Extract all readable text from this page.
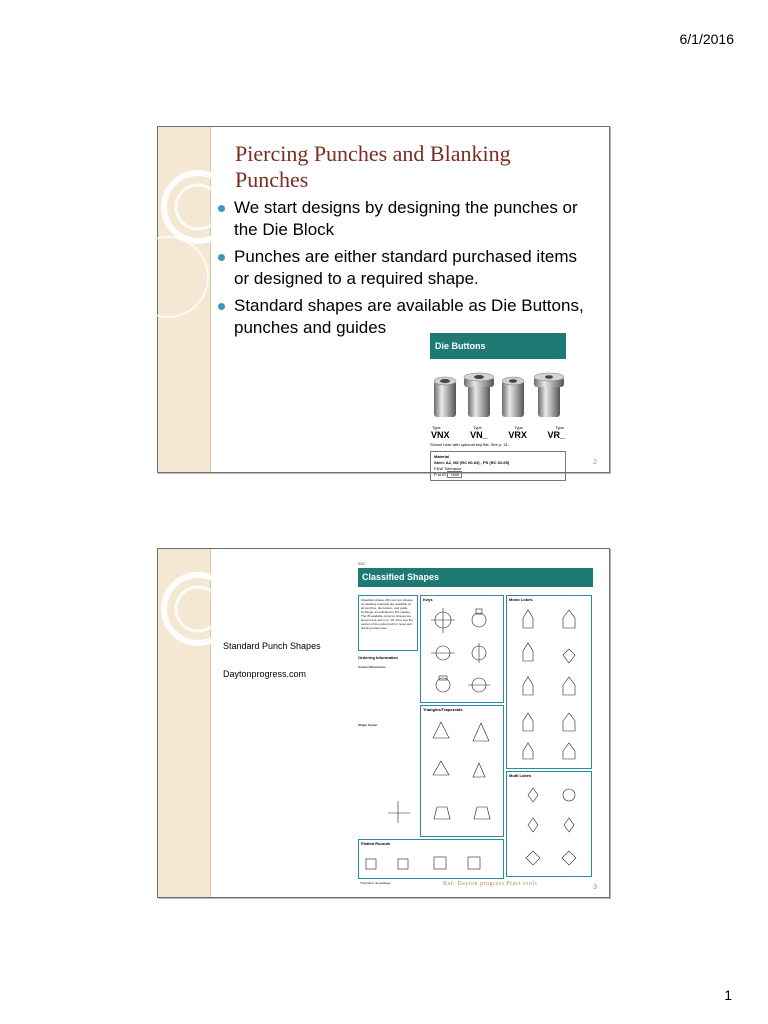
6/1/2016
Piercing Punches and Blanking Punches
We start designs by designing the punches or the Die Block
Punches are either standard purchased items or designed to a required shape.
Standard shapes are available as Die Buttons, punches and guides
Die Buttons
Type	Type	Type	Type
VNX VN_ VRX VR_
Shown here with optional key flat. See p. 31.
Material
Steel: A2, M2 (RC 60-63) , PS (RC 62-65)
P&W Tolerance
P to ID 7800
2
Standard Punch Shapes
Daytonprogress.com
220
Classified Shapes
Classified shapes (80 common shapes, no detailing required) are available on all punches, die buttons, and guide bushings, as indicated in this catalog. The 35 available common shapes are shown here and on p. 33. Also, see the section of the pullout tab for notes and drawing references.
Keys	Mono Lobes
Ordering Information
Corner Dimensions
Shape Center
Triangles/Trapezoids
Multi Lobes
Flatted Rounds
*Standard: dovetailage	Ref: Dayton progress Pract tools	3
1
